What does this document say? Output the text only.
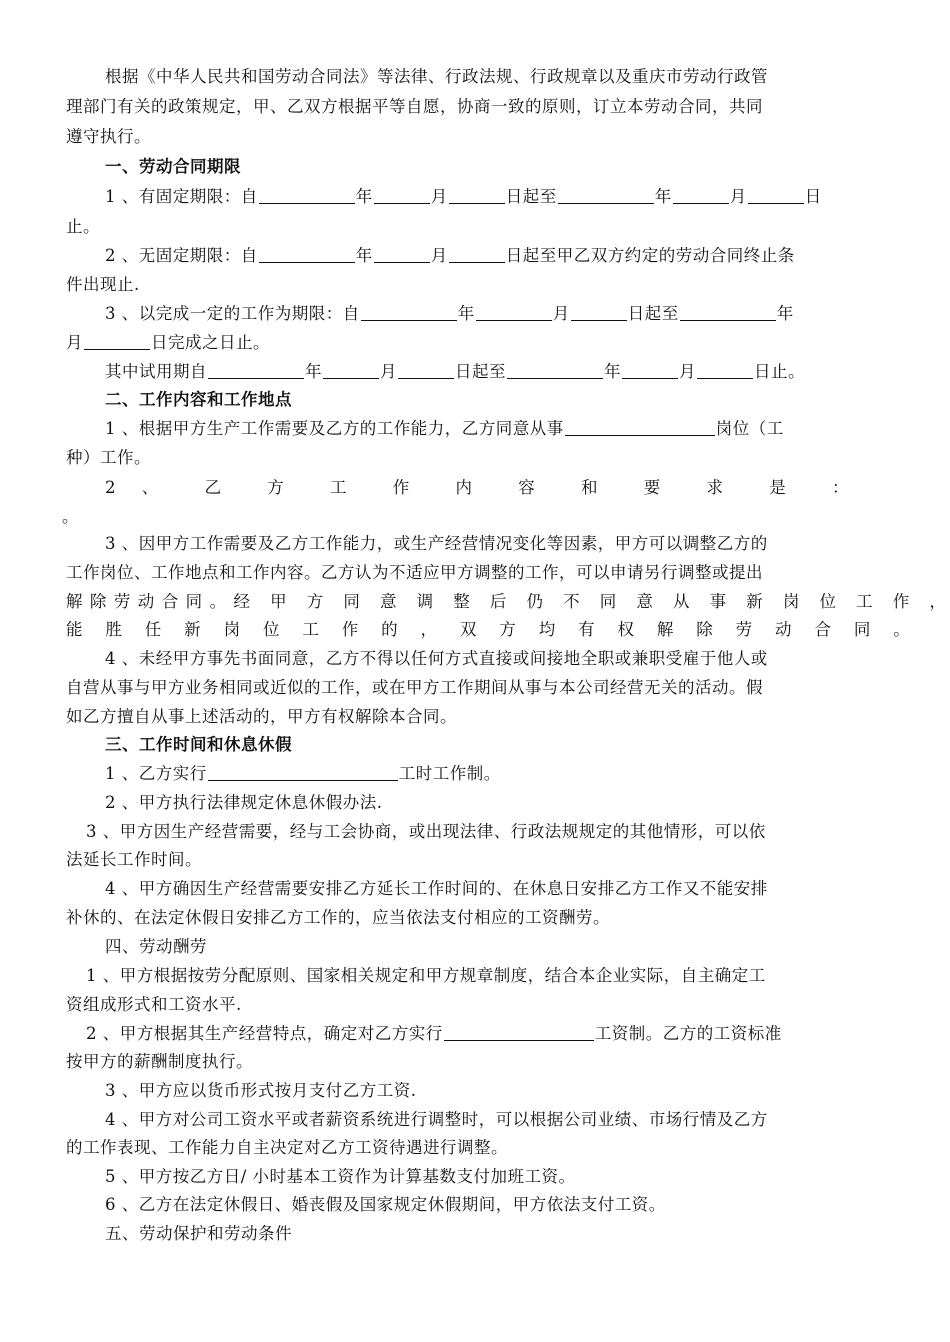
根据《中华人民共和国劳动合同法》等法律、行政法规、行政规章以及重庆市劳动行政管
理部门有关的政策规定，甲、乙双方根据平等自愿，协商一致的原则，订立本劳动合同，共同
遵守执行。
一、劳动合同期限
1 、有固定期限：自	年	月	日起至	年	月	日
止。
2 、无固定期限：自	年	月	日起至甲乙双方约定的劳动合同终止条
件出现止.
3 、以完成一定的工作为期限：自	年	月	日起至	年
月	日完成之日止。
其中试用期自	年	月	日起至	年	月	日止。
二、工作内容和工作地点
1 、根据甲方生产工作需要及乙方的工作能力，乙方同意从事	岗位（工
种）工作。
2 、 乙 方 工 作 内 容 和 要 求 是 ：
。
3 、因甲方工作需要及乙方工作能力，或生产经营情况变化等因素，甲方可以调整乙方的
工作岗位、工作地点和工作内容。乙方认为不适应甲方调整的工作，可以申请另行调整或提出
解除劳动合同。经 甲 方 同 意 调 整 后 仍 不 同 意 从 事 新 岗 位 工 作 ，
能 胜 任 新 岗 位 工 作 的 ， 双 方 均 有 权 解 除 劳 动 合 同 。
4 、未经甲方事先书面同意，乙方不得以任何方式直接或间接地全职或兼职受雇于他人或
自营从事与甲方业务相同或近似的工作，或在甲方工作期间从事与本公司经营无关的活动。假
如乙方擅自从事上述活动的，甲方有权解除本合同。
三、工作时间和休息休假
1 、乙方实行	工时工作制。
2 、甲方执行法律规定休息休假办法.
3 、甲方因生产经营需要，经与工会协商，或出现法律、行政法规规定的其他情形，可以依
法延长工作时间。
4 、甲方确因生产经营需要安排乙方延长工作时间的、在休息日安排乙方工作又不能安排
补休的、在法定休假日安排乙方工作的，应当依法支付相应的工资酬劳。
四、劳动酬劳
1 、甲方根据按劳分配原则、国家相关规定和甲方规章制度，结合本企业实际，自主确定工
资组成形式和工资水平.
2 、甲方根据其生产经营特点，确定对乙方实行	工资制。乙方的工资标准
按甲方的薪酬制度执行。
3 、甲方应以货币形式按月支付乙方工资.
4 、甲方对公司工资水平或者薪资系统进行调整时，可以根据公司业绩、市场行情及乙方
的工作表现、工作能力自主决定对乙方工资待遇进行调整。
5 、甲方按乙方日/ 小时基本工资作为计算基数支付加班工资。
6 、乙方在法定休假日、婚丧假及国家规定休假期间，甲方依法支付工资。
五、劳动保护和劳动条件
